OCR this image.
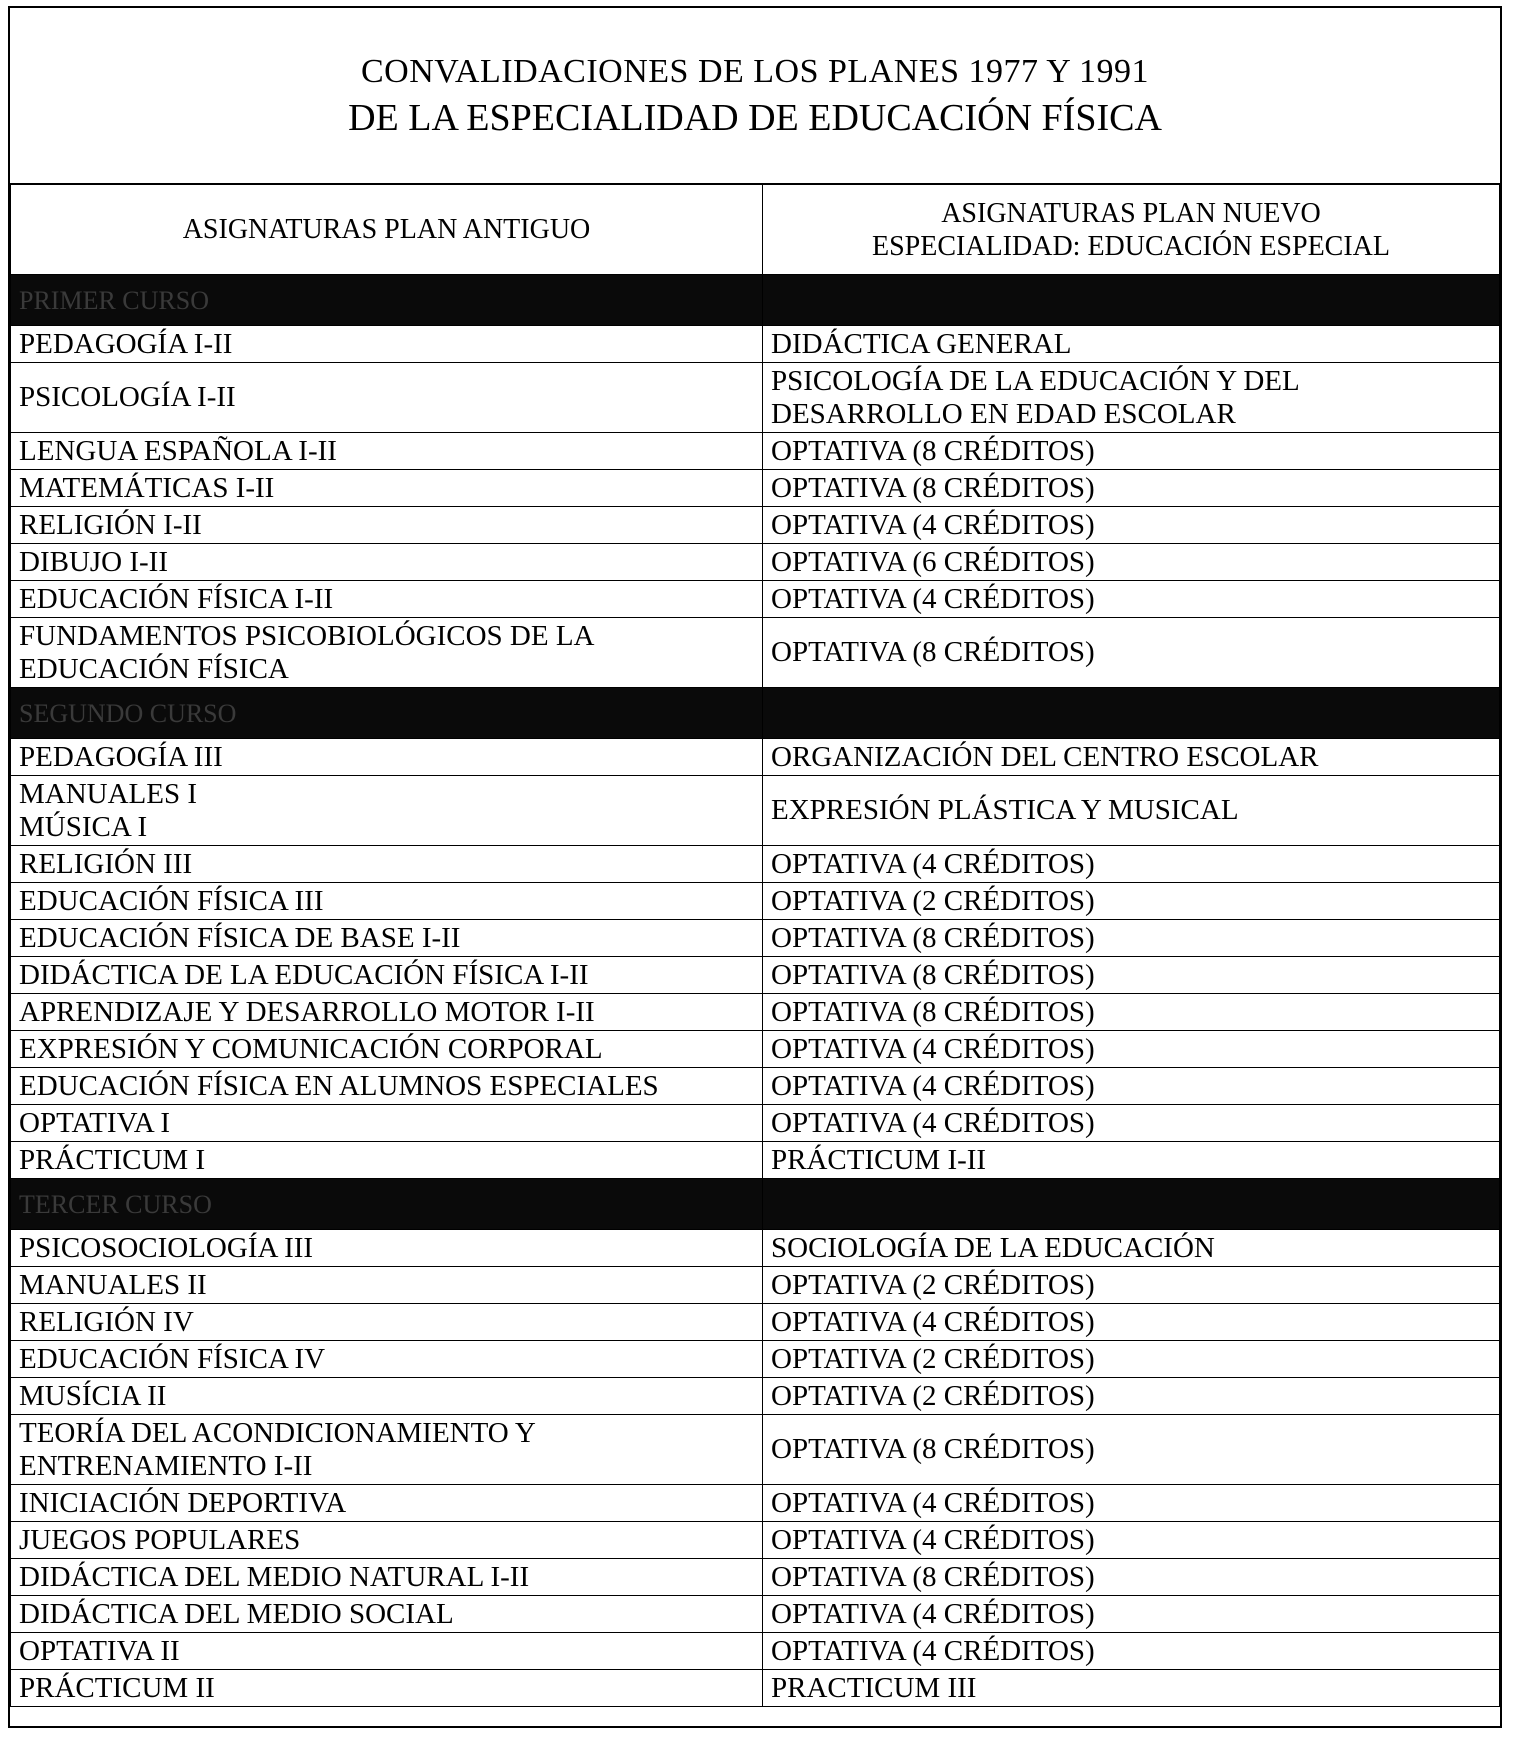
CONVALIDACIONES DE LOS PLANES 1977 Y 1991
DE LA ESPECIALIDAD DE EDUCACIÓN FÍSICA
ASIGNATURAS PLAN ANTIGUO	ASIGNATURAS PLAN NUEVO
ESPECIALIDAD: EDUCACIÓN ESPECIAL

PRIMER CURSO	
PEDAGOGÍA I-II	DIDÁCTICA GENERAL
PSICOLOGÍA I-II	PSICOLOGÍA DE LA EDUCACIÓN Y DEL
DESARROLLO EN EDAD ESCOLAR

LENGUA ESPAÑOLA I-II	OPTATIVA (8 CRÉDITOS)
MATEMÁTICAS I-II	OPTATIVA (8 CRÉDITOS)
RELIGIÓN I-II	OPTATIVA (4 CRÉDITOS)
DIBUJO I-II	OPTATIVA (6 CRÉDITOS)
EDUCACIÓN FÍSICA I-II	OPTATIVA (4 CRÉDITOS)

FUNDAMENTOS PSICOBIOLÓGICOS DE LA
EDUCACIÓN FÍSICA	OPTATIVA (8 CRÉDITOS)
SEGUNDO CURSO	
PEDAGOGÍA III	ORGANIZACIÓN DEL CENTRO ESCOLAR

MANUALES I
MÚSICA I	EXPRESIÓN PLÁSTICA Y MUSICAL
RELIGIÓN III	OPTATIVA (4 CRÉDITOS)
EDUCACIÓN FÍSICA III	OPTATIVA (2 CRÉDITOS)
EDUCACIÓN FÍSICA DE BASE I-II	OPTATIVA (8 CRÉDITOS)
DIDÁCTICA DE LA EDUCACIÓN FÍSICA I-II	OPTATIVA (8 CRÉDITOS)
APRENDIZAJE Y DESARROLLO MOTOR I-II	OPTATIVA (8 CRÉDITOS)
EXPRESIÓN Y COMUNICACIÓN CORPORAL	OPTATIVA (4 CRÉDITOS)
EDUCACIÓN FÍSICA EN ALUMNOS ESPECIALES	OPTATIVA (4 CRÉDITOS)
OPTATIVA I	OPTATIVA (4 CRÉDITOS)
PRÁCTICUM I	PRÁCTICUM I-II
TERCER CURSO	
PSICOSOCIOLOGÍA III	SOCIOLOGÍA DE LA EDUCACIÓN
MANUALES II	OPTATIVA (2 CRÉDITOS)
RELIGIÓN IV	OPTATIVA (4 CRÉDITOS)
EDUCACIÓN FÍSICA IV	OPTATIVA (2 CRÉDITOS)
MUSÍCIA II	OPTATIVA (2 CRÉDITOS)

TEORÍA DEL ACONDICIONAMIENTO Y
ENTRENAMIENTO I-II	OPTATIVA (8 CRÉDITOS)
INICIACIÓN DEPORTIVA	OPTATIVA (4 CRÉDITOS)
JUEGOS POPULARES	OPTATIVA (4 CRÉDITOS)
DIDÁCTICA DEL MEDIO NATURAL I-II	OPTATIVA (8 CRÉDITOS)
DIDÁCTICA DEL MEDIO SOCIAL	OPTATIVA (4 CRÉDITOS)
OPTATIVA II	OPTATIVA (4 CRÉDITOS)
PRÁCTICUM II	PRACTICUM III
